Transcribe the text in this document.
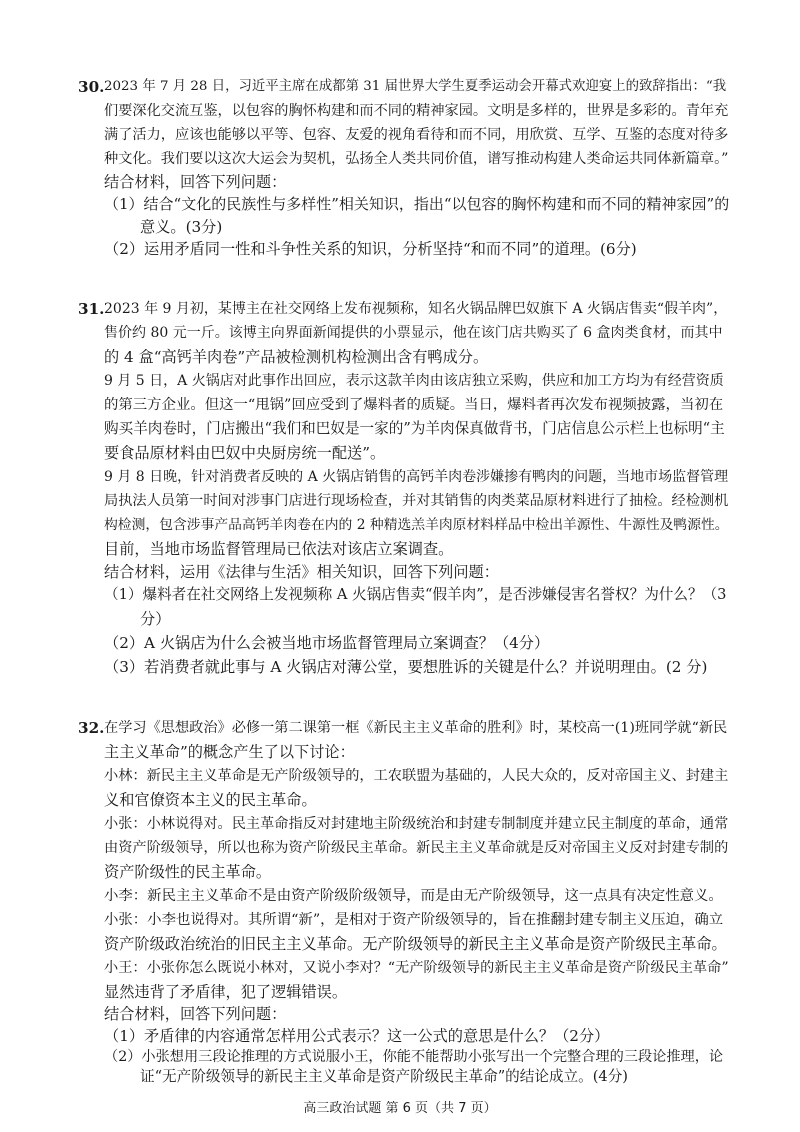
30. 2023 年 7 月 28 日，习近平主席在成都第 31 届世界大学生夏季运动会开幕式欢迎宴上的致辞指出：“我
们要深化交流互鉴，以包容的胸怀构建和而不同的精神家园。文明是多样的，世界是多彩的。青年充
满了活力，应该也能够以平等、包容、友爱的视角看待和而不同，用欣赏、互学、互鉴的态度对待多
种文化。我们要以这次大运会为契机，弘扬全人类共同价值，谱写推动构建人类命运共同体新篇章。”
结合材料，回答下列问题：
（1）结合“文化的民族性与多样性”相关知识，指出“以包容的胸怀构建和而不同的精神家园”的
意义。(3分)
（2）运用矛盾同一性和斗争性关系的知识，分析坚持“和而不同”的道理。(6分)
31. 2023 年 9 月初，某博主在社交网络上发布视频称，知名火锅品牌巴奴旗下 A 火锅店售卖“假羊肉”，
售价约 80 元一斤。该博主向界面新闻提供的小票显示，他在该门店共购买了 6 盒肉类食材，而其中
的 4 盒“高钙羊肉卷”产品被检测机构检测出含有鸭成分。
9 月 5 日，A 火锅店对此事作出回应，表示这款羊肉由该店独立采购，供应和加工方均为有经营资质
的第三方企业。但这一“甩锅”回应受到了爆料者的质疑。当日，爆料者再次发布视频披露，当初在
购买羊肉卷时，门店搬出“我们和巴奴是一家的”为羊肉保真做背书，门店信息公示栏上也标明“主
要食品原材料由巴奴中央厨房统一配送”。
9 月 8 日晚，针对消费者反映的 A 火锅店销售的高钙羊肉卷涉嫌掺有鸭肉的问题，当地市场监督管理
局执法人员第一时间对涉事门店进行现场检查，并对其销售的肉类菜品原材料进行了抽检。经检测机
构检测，包含涉事产品高钙羊肉卷在内的 2 种精选羔羊肉原材料样品中检出羊源性、牛源性及鸭源性。
目前，当地市场监督管理局已依法对该店立案调查。
结合材料，运用《法律与生活》相关知识，回答下列问题：
（1）爆料者在社交网络上发视频称 A 火锅店售卖“假羊肉”，是否涉嫌侵害名誉权？为什么？（3
分）
（2）A 火锅店为什么会被当地市场监督管理局立案调查？（4分）
（3）若消费者就此事与 A 火锅店对薄公堂，要想胜诉的关键是什么？并说明理由。(2 分)
32. 在学习《思想政治》必修一第二课第一框《新民主主义革命的胜利》时，某校高一(1)班同学就“新民
主主义革命”的概念产生了以下讨论：
小林：新民主主义革命是无产阶级领导的，工农联盟为基础的，人民大众的，反对帝国主义、封建主
义和官僚资本主义的民主革命。
小张：小林说得对。民主革命指反对封建地主阶级统治和封建专制制度并建立民主制度的革命，通常
由资产阶级领导，所以也称为资产阶级民主革命。新民主主义革命就是反对帝国主义反对封建专制的
资产阶级性的民主革命。
小李：新民主主义革命不是由资产阶级阶级领导，而是由无产阶级领导，这一点具有决定性意义。
小张：小李也说得对。其所谓“新”，是相对于资产阶级领导的，旨在推翻封建专制主义压迫，确立
资产阶级政治统治的旧民主主义革命。无产阶级领导的新民主主义革命是资产阶级民主革命。
小王：小张你怎么既说小林对，又说小李对？“无产阶级领导的新民主主义革命是资产阶级民主革命”
显然违背了矛盾律，犯了逻辑错误。
结合材料，回答下列问题：
（1）矛盾律的内容通常怎样用公式表示？这一公式的意思是什么？（2分）
（2）小张想用三段论推理的方式说服小王，你能不能帮助小张写出一个完整合理的三段论推理，论
证“无产阶级领导的新民主主义革命是资产阶级民主革命”的结论成立。(4分)
高三政治试题 第 6 页（共 7 页）
